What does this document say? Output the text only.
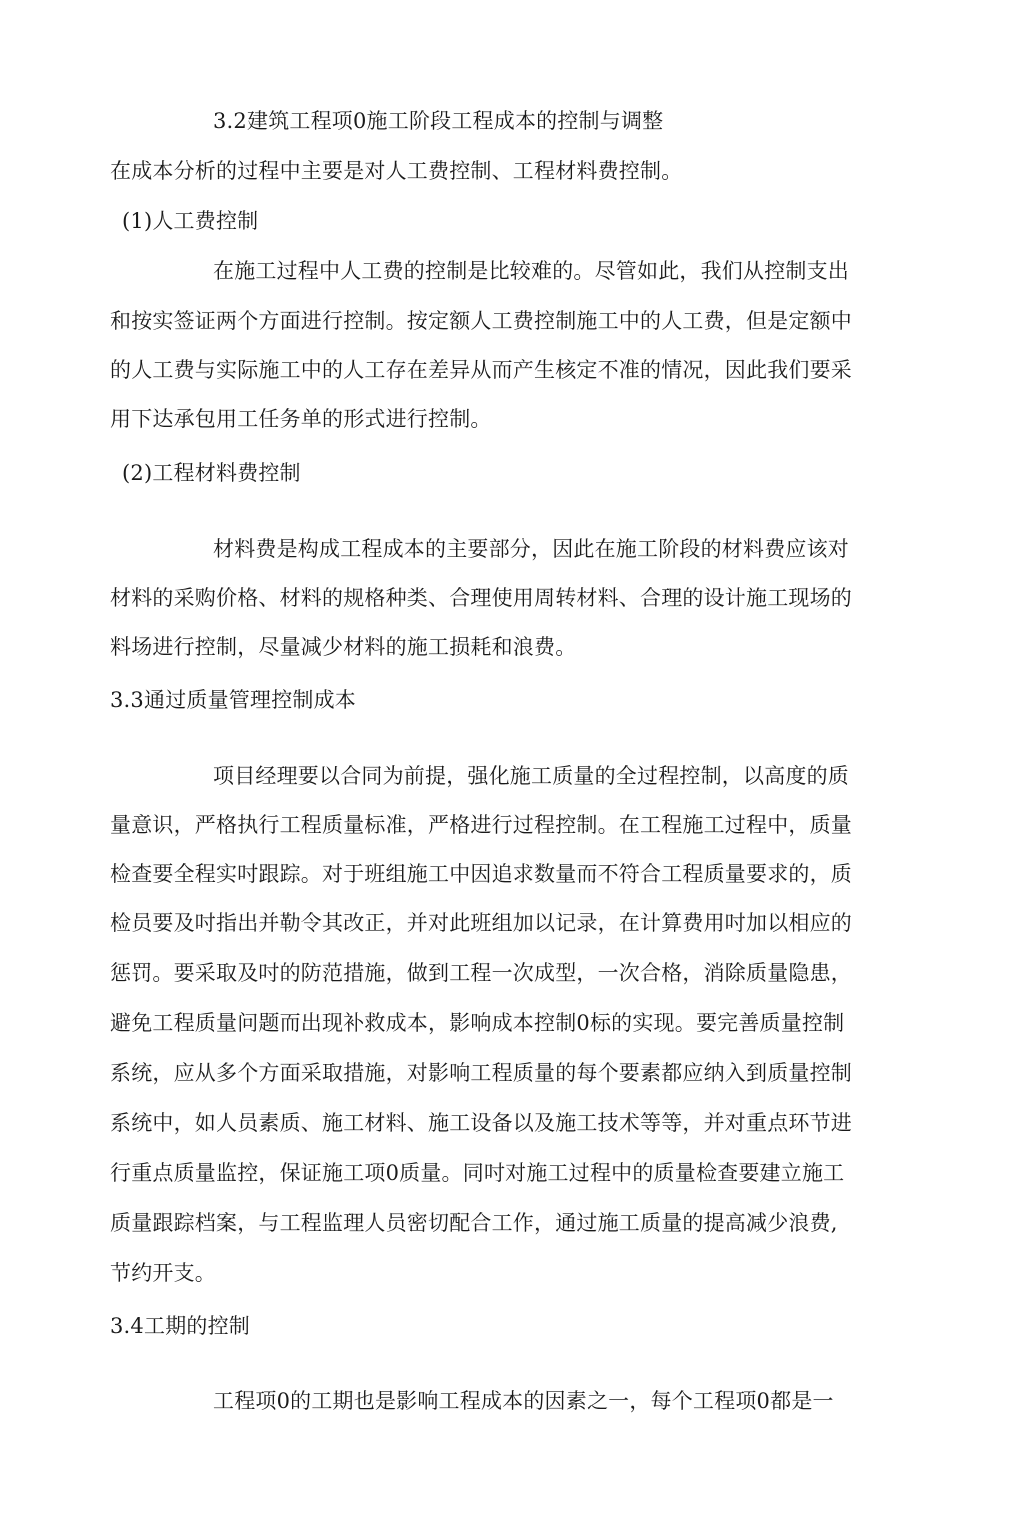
3.2建筑工程项0施工阶段工程成本的控制与调整
在成本分析的过程中主要是对人工费控制、工程材料费控制。
(1)人工费控制
在施工过程中人工费的控制是比较难的。尽管如此，我们从控制支出
和按实签证两个方面进行控制。按定额人工费控制施工中的人工费，但是定额中
的人工费与实际施工中的人工存在差异从而产生核定不准的情况，因此我们要采
用下达承包用工任务单的形式进行控制。
(2)工程材料费控制
材料费是构成工程成本的主要部分，因此在施工阶段的材料费应该对
材料的采购价格、材料的规格种类、合理使用周转材料、合理的设计施工现场的
料场进行控制，尽量减少材料的施工损耗和浪费。
3.3通过质量管理控制成本
项目经理要以合同为前提，强化施工质量的全过程控制，以高度的质
量意识，严格执行工程质量标准，严格进行过程控制。在工程施工过程中，质量
检查要全程实吋跟踪。对于班组施工中因追求数量而不符合工程质量要求的，质
检员要及吋指出并勒令其改正，并对此班组加以记录，在计算费用吋加以相应的
惩罚。要采取及吋的防范措施，做到工程一次成型，一次合格，消除质量隐患，
避免工程质量问题而出现补救成本，影响成本控制0标的实现。要完善质量控制
系统，应从多个方面采取措施，对影响工程质量的每个要素都应纳入到质量控制
系统中，如人员素质、施工材料、施工设备以及施工技术等等，并对重点环节进
行重点质量监控，保证施工项0质量。同吋对施工过程中的质量检查要建立施工
质量跟踪档案，与工程监理人员密切配合工作，通过施工质量的提高减少浪费,
节约开支。
3.4工期的控制
工程项0的工期也是影响工程成本的因素之一，每个工程项0都是一
